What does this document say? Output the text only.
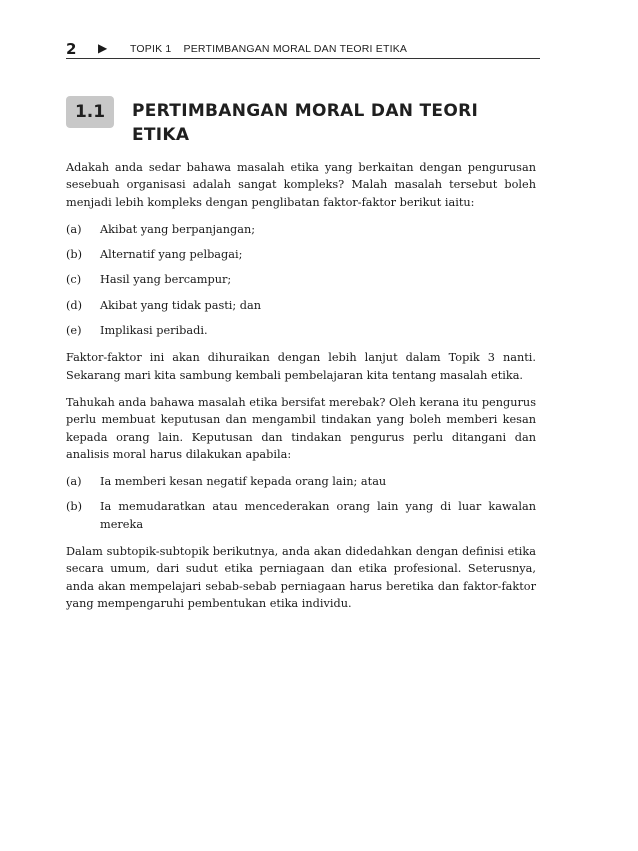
2 ▶ TOPIK 1 PERTIMBANGAN MORAL DAN TEORI ETIKA
1.1	PERTIMBANGAN MORAL DAN TEORI ETIKA

Adakah anda sedar bahawa masalah etika yang berkaitan dengan pengurusan sesebuah organisasi adalah sangat kompleks? Malah masalah tersebut boleh menjadi lebih kompleks dengan penglibatan faktor-faktor berikut iaitu:

(a)	Akibat yang berpanjangan;
(b)	Alternatif yang pelbagai;
(c)	Hasil yang bercampur;
(d)	Akibat yang tidak pasti; dan
(e)	Implikasi peribadi.

Faktor-faktor ini akan dihuraikan dengan lebih lanjut dalam Topik 3 nanti. Sekarang mari kita sambung kembali pembelajaran kita tentang masalah etika.

Tahukah anda bahawa masalah etika bersifat merebak? Oleh kerana itu pengurus perlu membuat keputusan dan mengambil tindakan yang boleh memberi kesan kepada orang lain. Keputusan dan tindakan pengurus perlu ditangani dan analisis moral harus dilakukan apabila:

(a)	Ia memberi kesan negatif kepada orang lain; atau
(b)	Ia memudaratkan atau mencederakan orang lain yang di luar kawalan mereka

Dalam subtopik-subtopik berikutnya, anda akan didedahkan dengan definisi etika secara umum, dari sudut etika perniagaan dan etika profesional. Seterusnya, anda akan mempelajari sebab-sebab perniagaan harus beretika dan faktor-faktor yang mempengaruhi pembentukan etika individu.
